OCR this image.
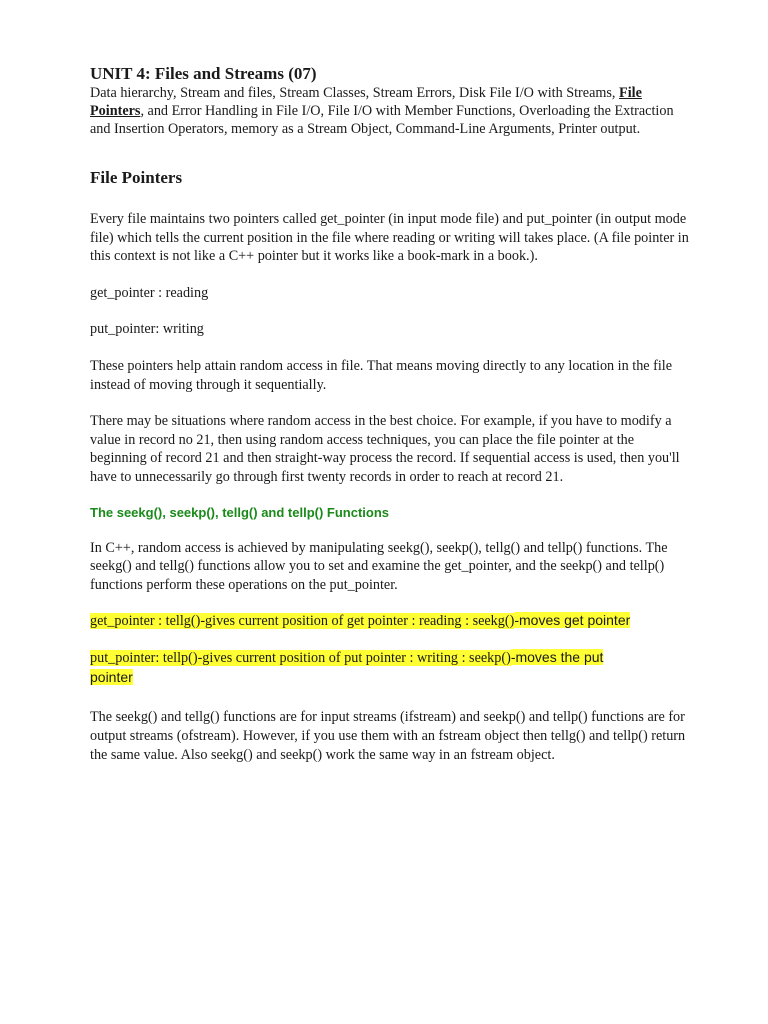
UNIT 4: Files and Streams (07)

Data hierarchy, Stream and files, Stream Classes, Stream Errors, Disk File I/O with Streams, File Pointers, and Error Handling in File I/O, File I/O with Member Functions, Overloading the Extraction and Insertion Operators, memory as a Stream Object, Command-Line Arguments, Printer output.

File Pointers

Every file maintains two pointers called get_pointer (in input mode file) and put_pointer (in output mode file) which tells the current position in the file where reading or writing will takes place. (A file pointer in this context is not like a C++ pointer but it works like a book-mark in a book.).

get_pointer : reading

put_pointer: writing

These pointers help attain random access in file. That means moving directly to any location in the file instead of moving through it sequentially.

There may be situations where random access in the best choice. For example, if you have to modify a value in record no 21, then using random access techniques, you can place the file pointer at the beginning of record 21 and then straight-way process the record. If sequential access is used, then you'll have to unnecessarily go through first twenty records in order to reach at record 21.

The seekg(), seekp(), tellg() and tellp() Functions

In C++, random access is achieved by manipulating seekg(), seekp(), tellg() and tellp() functions. The seekg() and tellg() functions allow you to set and examine the get_pointer, and the seekp() and tellp() functions perform these operations on the put_pointer.

get_pointer : tellg()-gives current position of get pointer : reading : seekg()-moves get pointer

put_pointer: tellp()-gives current position of put pointer : writing : seekp()-moves the put pointer

The seekg() and tellg() functions are for input streams (ifstream) and seekp() and tellp() functions are for output streams (ofstream). However, if you use them with an fstream object then tellg() and tellp() return the same value. Also seekg() and seekp() work the same way in an fstream object.
